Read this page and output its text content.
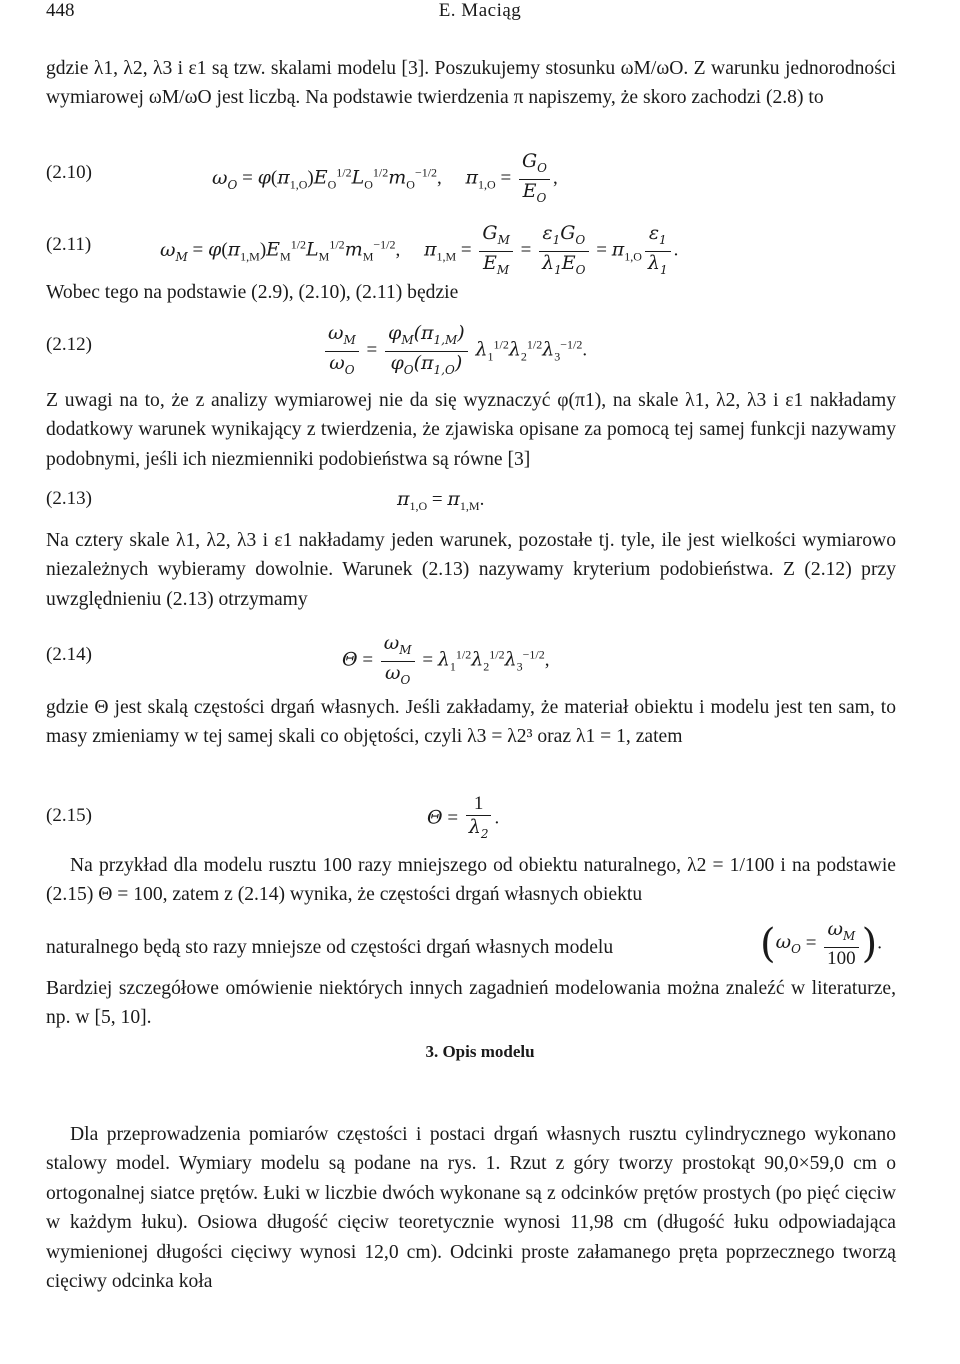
448	E. Maciąg

gdzie λ1, λ2, λ3 i ε1 są tzw. skalami modelu [3]. Poszukujemy stosunku ωM/ωO. Z warunku jednorodności wymiarowej ωM/ωO jest liczbą. Na podstawie twierdzenia π napiszemy, że skoro zachodzi (2.8) to

(2.10)	$\omega_O = \varphi(\pi_{1,O})E_O^{1/2}L_O^{1/2}m_O^{-1/2}$,     $\pi_{1,O} = \frac{G_O}{E_O}$ ,
(2.11)	$\omega_M = \varphi(\pi_{1,M})E_M^{1/2}L_M^{1/2}m_M^{-1/2}$,     $\pi_{1,M} = \frac{G_M}{E_M} = \frac{\varepsilon_1G_O}{\lambda_1E_O} = \pi_{1,O} \frac{\varepsilon_1}{\lambda_1}$ .

Wobec tego na podstawie (2.9), (2.10), (2.11) będzie

(2.12)	$\frac{\omega_M}{\omega_O} = \frac{\varphi_M(\pi_{1,M})}{\varphi_O(\pi_{1,O})} \lambda_1^{1/2}\lambda_2^{1/2}\lambda_3^{-1/2}$.

Z uwagi na to, że z analizy wymiarowej nie da się wyznaczyć φ(π1), na skale λ1, λ2, λ3 i ε1 nakładamy dodatkowy warunek wynikający z twierdzenia, że zjawiska opisane za pomocą tej samej funkcji nazywamy podobnymi, jeśli ich niezmienniki podobieństwa są równe [3]

(2.13)	$\pi_{1,O} = \pi_{1,M}$.

Na cztery skale λ1, λ2, λ3 i ε1 nakładamy jeden warunek, pozostałe tj. tyle, ile jest wielkości wymiarowo niezależnych wybieramy dowolnie. Warunek (2.13) nazywamy kryterium podobieństwa. Z (2.12) przy uwzględnieniu (2.13) otrzymamy

(2.14)	$\Theta = \frac{\omega_M}{\omega_O} = \lambda_1^{1/2}\lambda_2^{1/2}\lambda_3^{-1/2}$,

gdzie Θ jest skalą częstości drgań własnych. Jeśli zakładamy, że materiał obiektu i modelu jest ten sam, to masy zmieniamy w tej samej skali co objętości, czyli λ3 = λ2³ oraz λ1 = 1, zatem

(2.15)	$\Theta = \frac{1}{\lambda_2}$ .

Na przykład dla modelu rusztu 100 razy mniejszego od obiektu naturalnego, λ2 = 1/100 i na podstawie (2.15) Θ = 100, zatem z (2.14) wynika, że częstości drgań własnych obiektu

naturalnego będą sto razy mniejsze od częstości drgań własnych modelu	($\omega_O = \frac{\omega_M}{100}$ ).

Bardziej szczegółowe omówienie niektórych innych zagadnień modelowania można znaleźć w literaturze, np. w [5, 10].

3. Opis modelu

Dla przeprowadzenia pomiarów częstości i postaci drgań własnych rusztu cylindrycznego wykonano stalowy model. Wymiary modelu są podane na rys. 1. Rzut z góry tworzy prostokąt 90,0×59,0 cm o ortogonalnej siatce prętów. Łuki w liczbie dwóch wykonane są z odcinków prętów prostych (po pięć cięciw w każdym łuku). Osiowa długość cięciw teoretycznie wynosi 11,98 cm (długość łuku odpowiadająca wymienionej długości cięciwy wynosi 12,0 cm). Odcinki proste załamanego pręta poprzecznego tworzą cięciwy odcinka koła
